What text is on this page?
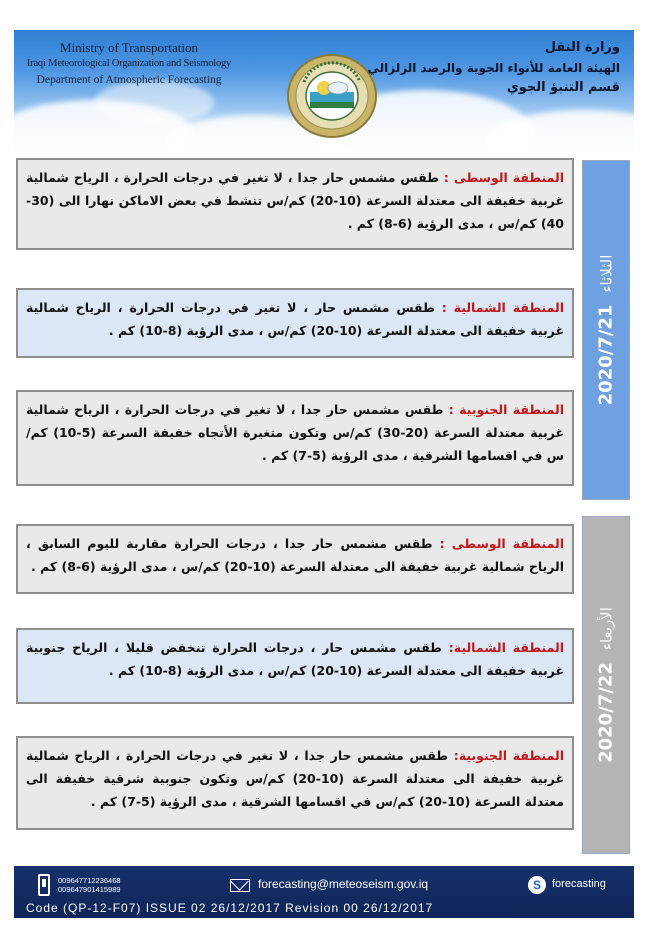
Ministry of Transportation
Iraqi Meteorological Organization and Seismology
Department of Atmospheric Forecasting
وزارة النقل
الهيئة العامة للأنواء الجوية والرصد الزلزالي
قسم التنبؤ الجوي
المنطقة الوسطى : طقس مشمس حار جدا ، لا تغير في درجات الحرارة ، الرياح شمالية غربية خفيفة الى معتدلة السرعة (10-20) كم/س تنشط في بعض الاماكن نهارا الى (30-40) كم/س ، مدى الرؤية (6-8) كم .
المنطقة الشمالية : طقس مشمس حار ، لا تغير في درجات الحرارة ، الرياح شمالية غربية خفيفة الى معتدلة السرعة (10-20) كم/س ، مدى الرؤية (8-10) كم .
المنطقة الجنوبية : طقس مشمس حار جدا ، لا تغير في درجات الحرارة ، الرياح شمالية غربية معتدلة السرعة (20-30) كم/س وتكون متغيرة الأتجاه خفيفة السرعة (5-10) كم/س في اقسامها الشرقية ، مدى الرؤية (5-7) كم .
2020/7/21الثلاثاء
المنطقة الوسطى : طقس مشمس حار جدا ، درجات الحرارة مقاربة لليوم السابق ، الرياح شمالية غربية خفيفة الى معتدلة السرعة (10-20) كم/س ، مدى الرؤية (6-8) كم .
المنطقة الشمالية: طقس مشمس حار ، درجات الحرارة تنخفض قليلا ، الرياح جنوبية غربية خفيفة الى معتدلة السرعة (10-20) كم/س ، مدى الرؤية (8-10) كم .
المنطقة الجنوبية: طقس مشمس حار جدا ، لا تغير في درجات الحرارة ، الرياح شمالية غربية خفيفة الى معتدلة السرعة (10-20) كم/س وتكون جنوبية شرقية خفيفة الى معتدلة السرعة (10-20) كم/س في اقسامها الشرقية ، مدى الرؤية (5-7) كم .
2020/7/22الأربعاء
009647712236468
009647901415989	forecasting@meteoseism.gov.iq	S	forecasting
Code (QP-12-F07) ISSUE 02 26/12/2017 Revision 00 26/12/2017
